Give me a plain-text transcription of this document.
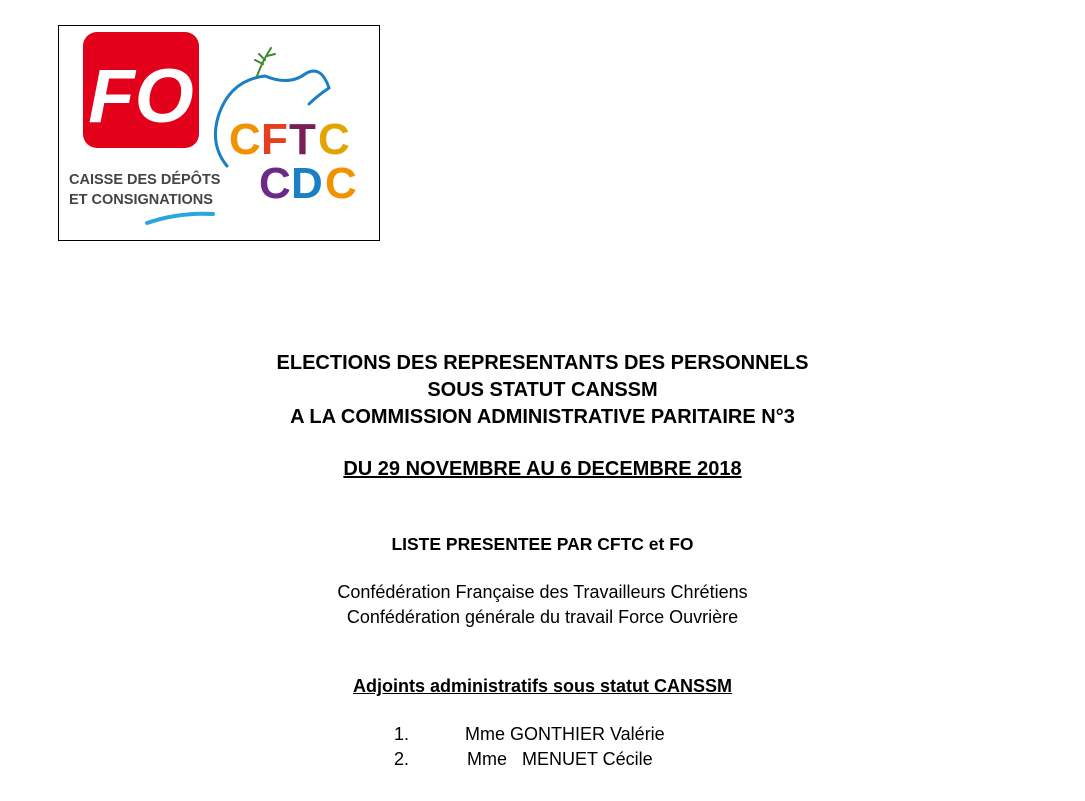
FO
CAISSE DES DÉPÔTS
ET CONSIGNATIONS
C F T C
C D C
ELECTIONS DES REPRESENTANTS DES PERSONNELS
SOUS STATUT CANSSM
A LA COMMISSION ADMINISTRATIVE PARITAIRE N°3
DU 29 NOVEMBRE AU 6 DECEMBRE 2018
LISTE PRESENTEE PAR CFTC et FO
Confédération Française des Travailleurs Chrétiens
Confédération générale du travail Force Ouvrière
Adjoints administratifs sous statut CANSSM
1.	Mme GONTHIER Valérie
2.	Mme   MENUET Cécile
